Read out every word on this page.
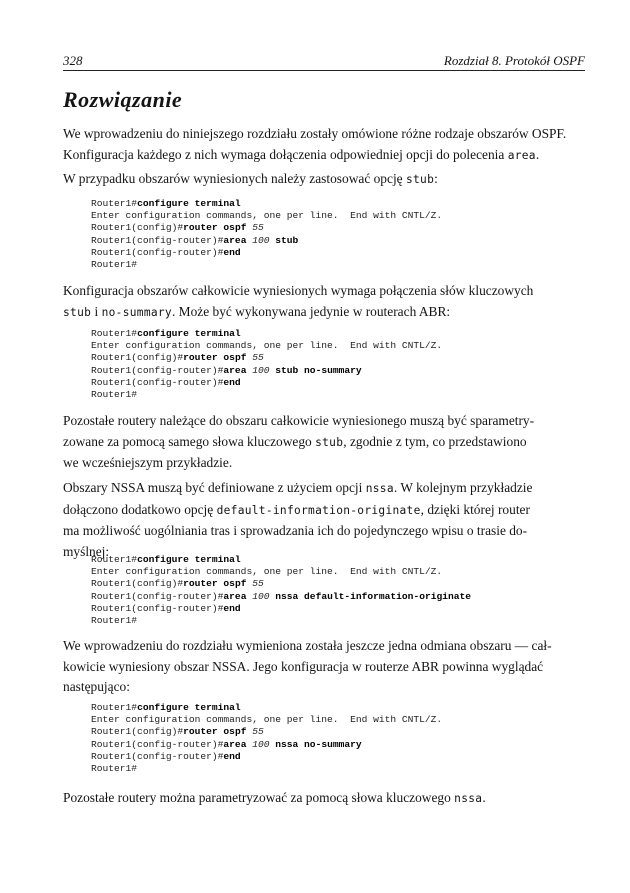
328	Rozdział 8. Protokół OSPF
Rozwiązanie

We wprowadzeniu do niniejszego rozdziału zostały omówione różne rodzaje obszarów OSPF.
Konfiguracja każdego z nich wymaga dołączenia odpowiedniej opcji do polecenia area.

W przypadku obszarów wyniesionych należy zastosować opcję stub:

Router1#configure terminal
Enter configuration commands, one per line.  End with CNTL/Z.
Router1(config)#router ospf 55
Router1(config-router)#area 100 stub
Router1(config-router)#end
Router1#

Konfiguracja obszarów całkowicie wyniesionych wymaga połączenia słów kluczowych
stub i no-summary. Może być wykonywana jedynie w routerach ABR:

Router1#configure terminal
Enter configuration commands, one per line.  End with CNTL/Z.
Router1(config)#router ospf 55
Router1(config-router)#area 100 stub no-summary
Router1(config-router)#end
Router1#

Pozostałe routery należące do obszaru całkowicie wyniesionego muszą być sparametry-
zowane za pomocą samego słowa kluczowego stub, zgodnie z tym, co przedstawiono
we wcześniejszym przykładzie.

Obszary NSSA muszą być definiowane z użyciem opcji nssa. W kolejnym przykładzie
dołączono dodatkowo opcję default-information-originate, dzięki której router
ma możliwość uogólniania tras i sprowadzania ich do pojedynczego wpisu o trasie do-
myślnej:

Router1#configure terminal
Enter configuration commands, one per line.  End with CNTL/Z.
Router1(config)#router ospf 55
Router1(config-router)#area 100 nssa default-information-originate
Router1(config-router)#end
Router1#

We wprowadzeniu do rozdziału wymieniona została jeszcze jedna odmiana obszaru — cał-
kowicie wyniesiony obszar NSSA. Jego konfiguracja w routerze ABR powinna wyglądać
następująco:

Router1#configure terminal
Enter configuration commands, one per line.  End with CNTL/Z.
Router1(config)#router ospf 55
Router1(config-router)#area 100 nssa no-summary
Router1(config-router)#end
Router1#

Pozostałe routery można parametryzować za pomocą słowa kluczowego nssa.
